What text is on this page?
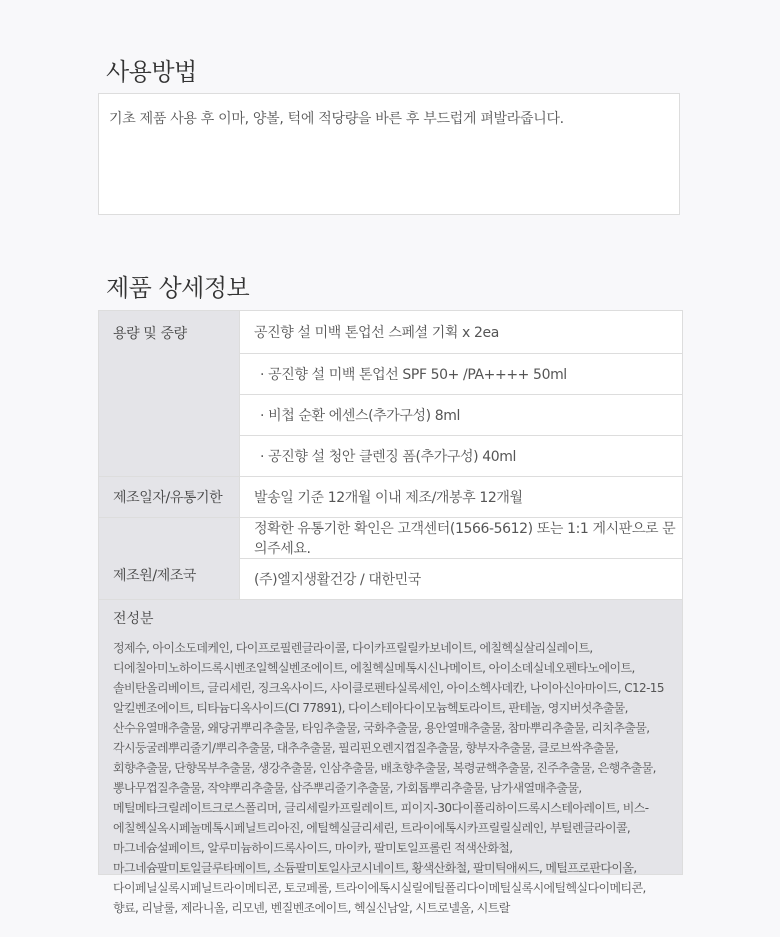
사용방법
기초 제품 사용 후 이마, 양볼, 턱에 적당량을 바른 후 부드럽게 펴발라줍니다.
제품 상세정보
용량 및 중량	공진향 설 미백 톤업선 스페셜 기획 x 2ea
	· 공진향 설 미백 톤업선 SPF 50+ /PA++++ 50ml
	· 비첩 순환 에센스(추가구성) 8ml
	· 공진향 설 청안 클렌징 폼(추가구성) 40ml
제조일자/유통기한	발송일 기준 12개월 이내 제조/개봉후 12개월
제조원/제조국	정확한 유통기한 확인은 고객센터(1566-5612) 또는 1:1 게시판으로 문의주세요.
	(주)엘지생활건강 / 대한민국
전성분
정제수, 아이소도데케인, 다이프로필렌글라이콜, 다이카프릴릴카보네이트, 에칠헥실살리실레이트, 디에칠아미노하이드록시벤조일헥실벤조에이트, 에칠헥실메톡시신나메이트, 아이소데실네오펜타노에이트, 솔비탄올리베이트, 글리세린, 징크옥사이드, 사이클로펜타실록세인, 아이소헥사데칸, 나이아신아마이드, C12-15 알킬벤조에이트, 티타늄디옥사이드(CI 77891), 다이스테아다이모늄헥토라이트, 판테놀, 영지버섯추출물, 산수유열매추출물, 왜당귀뿌리추출물, 타임추출물, 국화추출물, 용안열매추출물, 참마뿌리추출물, 리치추출물, 각시둥굴레뿌리줄기/뿌리추출물, 대추추출물, 필리핀오렌지껍질추출물, 향부자추출물, 클로브싹추출물, 회향추출물, 단향목부추출물, 생강추출물, 인삼추출물, 배초향추출물, 복령균핵추출물, 진주추출물, 은행추출물, 뽕나무껍질추출물, 작약뿌리추출물, 삽주뿌리줄기추출물, 가회톱뿌리추출물, 남가새열매추출물, 메틸메타크릴레이트크로스폴리머, 글리세릴카프릴레이트, 피이지-30다이폴리하이드록시스테아레이트, 비스-에칠헥실옥시페놀메톡시페닐트리아진, 에틸헥실글리세린, 트라이에톡시카프릴릴실레인, 부틸렌글라이콜, 마그네슘설페이트, 알루미늄하이드록사이드, 마이카, 팔미토일프롤린 적색산화철, 마그네슘팔미토일글루타메이트, 소듐팔미토일사코시네이트, 황색산화철, 팔미틱애씨드, 메틸프로판다이올, 다이페닐실록시페닐트라이메티콘, 토코페롤, 트라이에톡시실릴에틸폴리다이메틸실록시에틸헥실다이메티콘, 향료, 리날룰, 제라니올, 리모넨, 벤질벤조에이트, 헥실신남알, 시트로넬올, 시트랄
